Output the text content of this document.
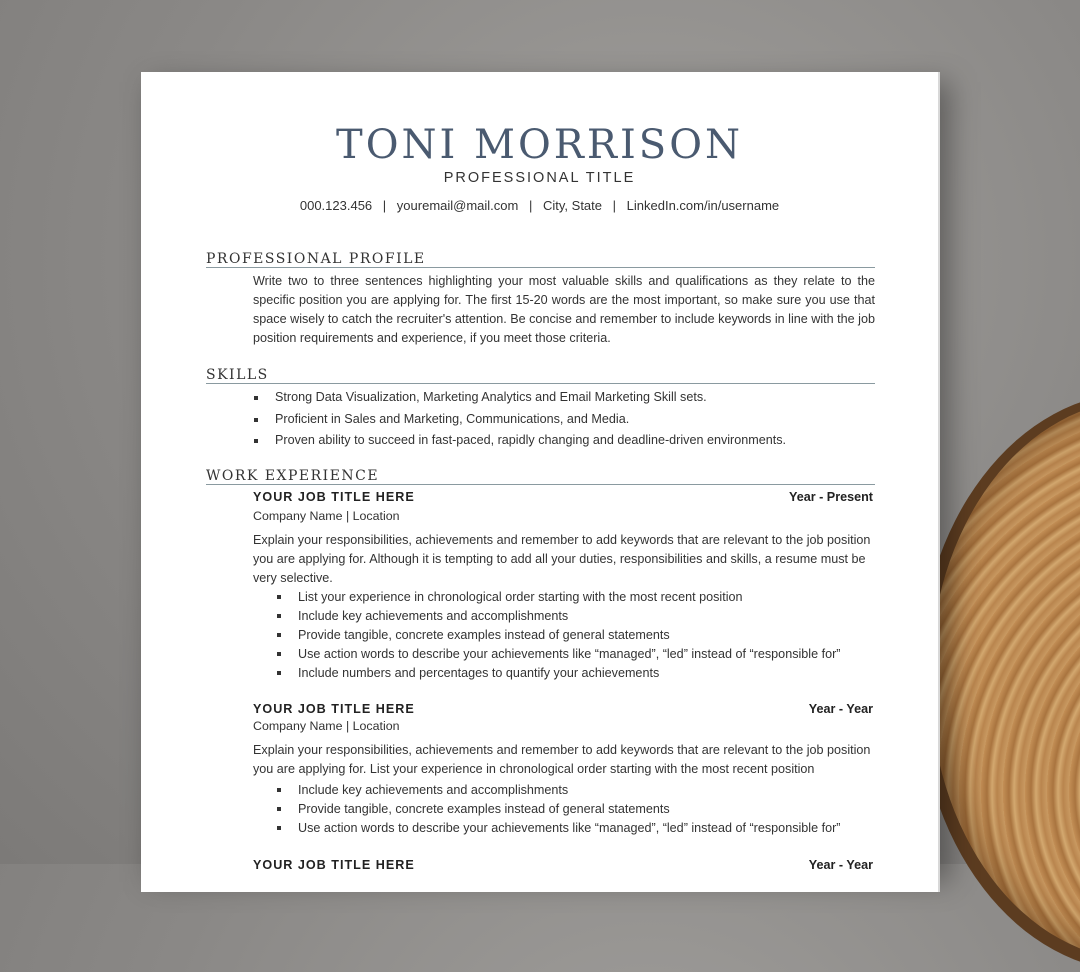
TONI MORRISON
PROFESSIONAL TITLE
000.123.456 | youremail@mail.com | City, State | LinkedIn.com/in/username
PROFESSIONAL PROFILE
Write two to three sentences highlighting your most valuable skills and qualifications as they relate to the specific position you are applying for. The first 15-20 words are the most important, so make sure you use that space wisely to catch the recruiter's attention. Be concise and remember to include keywords in line with the job position requirements and experience, if you meet those criteria.
SKILLS
Strong Data Visualization, Marketing Analytics and Email Marketing Skill sets.
Proficient in Sales and Marketing, Communications, and Media.
Proven ability to succeed in fast-paced, rapidly changing and deadline-driven environments.
WORK EXPERIENCE
YOUR JOB TITLE HERE	Year - Present
Company Name | Location
Explain your responsibilities, achievements and remember to add keywords that are relevant to the job position you are applying for. Although it is tempting to add all your duties, responsibilities and skills, a resume must be very selective.
List your experience in chronological order starting with the most recent position
Include key achievements and accomplishments
Provide tangible, concrete examples instead of general statements
Use action words to describe your achievements like “managed”, “led” instead of “responsible for”
Include numbers and percentages to quantify your achievements
YOUR JOB TITLE HERE	Year - Year
Company Name | Location
Explain your responsibilities, achievements and remember to add keywords that are relevant to the job position you are applying for. List your experience in chronological order starting with the most recent position
Include key achievements and accomplishments
Provide tangible, concrete examples instead of general statements
Use action words to describe your achievements like “managed”, “led” instead of “responsible for”
YOUR JOB TITLE HERE	Year - Year
